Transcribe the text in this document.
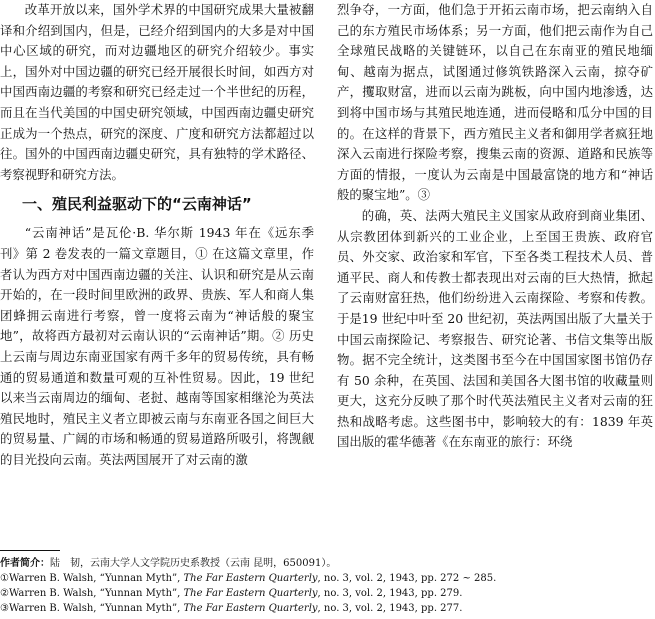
改革开放以来，国外学术界的中国研究成果大量被翻译和介绍到国内，但是，已经介绍到国内的大多是对中国中心区域的研究，而对边疆地区的研究介绍较少。事实上，国外对中国边疆的研究已经开展很长时间，如西方对中国西南边疆的考察和研究已经走过一个半世纪的历程，而且在当代美国的中国史研究领域，中国西南边疆史研究正成为一个热点，研究的深度、广度和研究方法都超过以往。国外的中国西南边疆史研究，具有独特的学术路径、考察视野和研究方法。

一、殖民利益驱动下的“云南神话”

“云南神话”是瓦伦·B. 华尔斯 1943 年在《远东季刊》第 2 卷发表的一篇文章题目，① 在这篇文章里，作者认为西方对中国西南边疆的关注、认识和研究是从云南开始的，在一段时间里欧洲的政界、贵族、军人和商人集团蜂拥云南进行考察，曾一度将云南为“神话般的聚宝地”，故将西方最初对云南认识的“云南神话”期。② 历史上云南与周边东南亚国家有两千多年的贸易传统，具有畅通的贸易通道和数量可观的互补性贸易。因此，19 世纪以来当云南周边的缅甸、老挝、越南等国家相继沦为英法殖民地时，殖民主义者立即被云南与东南亚各国之间巨大的贸易量、广阔的市场和畅通的贸易道路所吸引，将觊觎的目光投向云南。英法两国展开了对云南的激

烈争夺，一方面，他们急于开拓云南市场，把云南纳入自己的东方殖民市场体系；另一方面，他们把云南作为自己全球殖民战略的关键链环，以自己在东南亚的殖民地缅甸、越南为据点，试图通过修筑铁路深入云南，掠夺矿产，攫取财富，进而以云南为跳板，向中国内地渗透，达到将中国市场与其殖民地连通，进而侵略和瓜分中国的目的。在这样的背景下，西方殖民主义者和御用学者疯狂地深入云南进行探险考察，搜集云南的资源、道路和民族等方面的情报，一度认为云南是中国最富饶的地方和“神话般的聚宝地”。③

的确，英、法两大殖民主义国家从政府到商业集团、从宗教团体到新兴的工业企业，上至国王贵族、政府官员、外交家、政治家和军官，下至各类工程技术人员、普通平民、商人和传教士都表现出对云南的巨大热情，掀起了云南财富狂热，他们纷纷进入云南探险、考察和传教。于是19 世纪中叶至 20 世纪初，英法两国出版了大量关于中国云南探险记、考察报告、研究论著、书信文集等出版物。据不完全统计，这类图书至今在中国国家图书馆仍存有 50 余种，在英国、法国和美国各大图书馆的收藏量则更大，这充分反映了那个时代英法殖民主义者对云南的狂热和战略考虑。这些图书中，影响较大的有：1839 年英国出版的霍华德著《在东南亚的旅行：环绕

作者简介：陆　韧，云南大学人文学院历史系教授（云南 昆明，650091）。

①Warren B. Walsh, “Yunnan Myth”, The Far Eastern Quarterly, no. 3, vol. 2, 1943, pp. 272 ~ 285.

②Warren B. Walsh, “Yunnan Myth”, The Far Eastern Quarterly, no. 3, vol. 2, 1943, pp. 279.

③Warren B. Walsh, “Yunnan Myth”, The Far Eastern Quarterly, no. 3, vol. 2, 1943, pp. 277.
